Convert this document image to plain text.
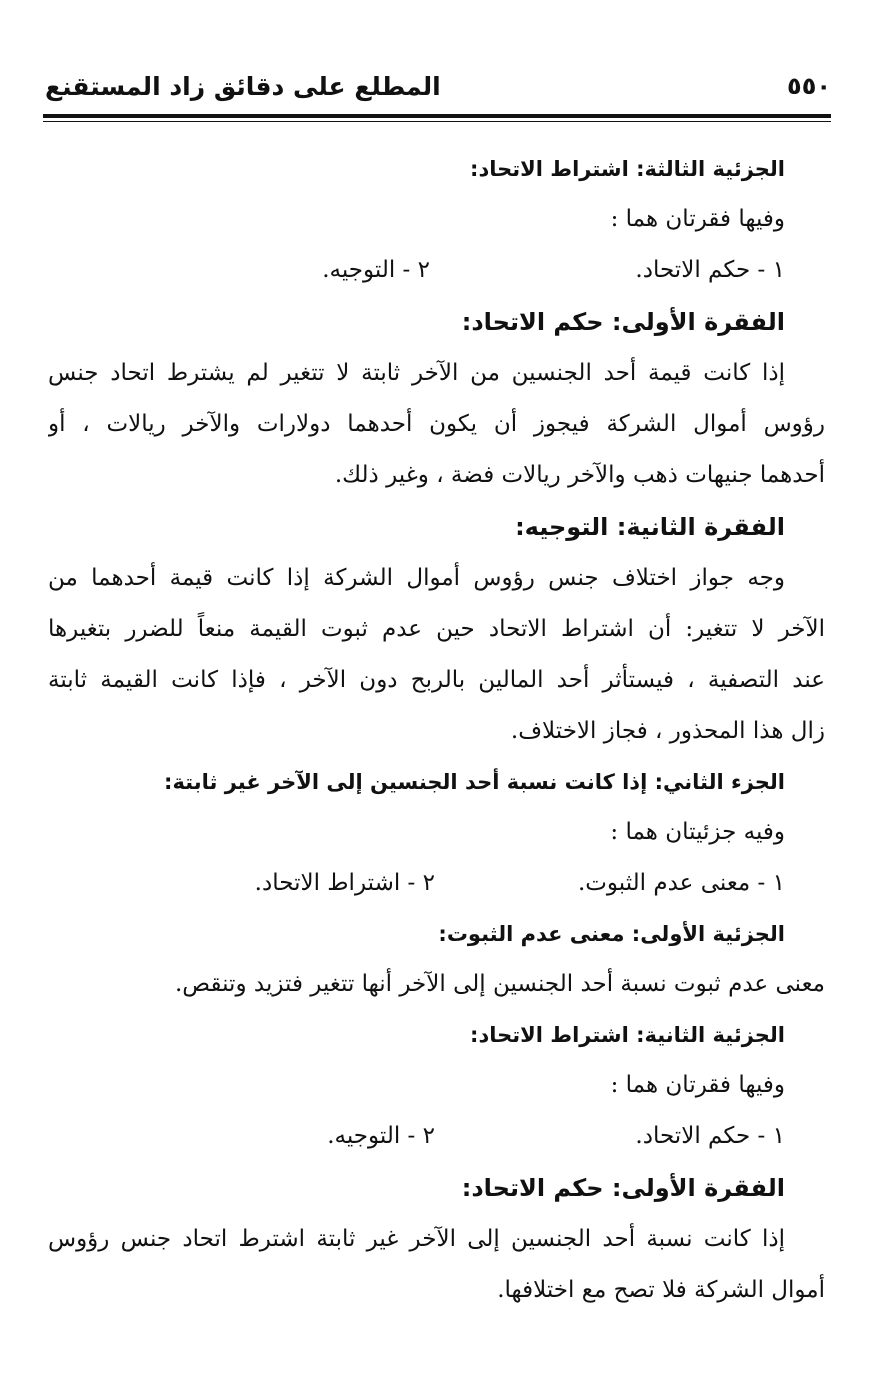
٥٥٠
المطلع على دقائق زاد المستقنع
الجزئية الثالثة: اشتراط الاتحاد:
وفيها فقرتان هما :
١ - حكم الاتحاد.
٢ - التوجيه.
الفقرة الأولى: حكم الاتحاد:
إذا كانت قيمة أحد الجنسين من الآخر ثابتة لا تتغير لم يشترط اتحاد جنس
رؤوس أموال الشركة فيجوز أن يكون أحدهما دولارات والآخر ريالات ، أو
أحدهما جنيهات ذهب والآخر ريالات فضة ، وغير ذلك.
الفقرة الثانية: التوجيه:
وجه جواز اختلاف جنس رؤوس أموال الشركة إذا كانت قيمة أحدهما من
الآخر لا تتغير: أن اشتراط الاتحاد حين عدم ثبوت القيمة منعاً للضرر بتغيرها
عند التصفية ، فيستأثر أحد المالين بالربح دون الآخر ، فإذا كانت القيمة ثابتة
زال هذا المحذور ، فجاز الاختلاف.
الجزء الثاني: إذا كانت نسبة أحد الجنسين إلى الآخر غير ثابتة:
وفيه جزئيتان هما :
١ - معنى عدم الثبوت.
٢ - اشتراط الاتحاد.
الجزئية الأولى: معنى عدم الثبوت:
معنى عدم ثبوت نسبة أحد الجنسين إلى الآخر أنها تتغير فتزيد وتنقص.
الجزئية الثانية: اشتراط الاتحاد:
وفيها فقرتان هما :
١ - حكم الاتحاد.
٢ - التوجيه.
الفقرة الأولى: حكم الاتحاد:
إذا كانت نسبة أحد الجنسين إلى الآخر غير ثابتة اشترط اتحاد جنس رؤوس
أموال الشركة فلا تصح مع اختلافها.
